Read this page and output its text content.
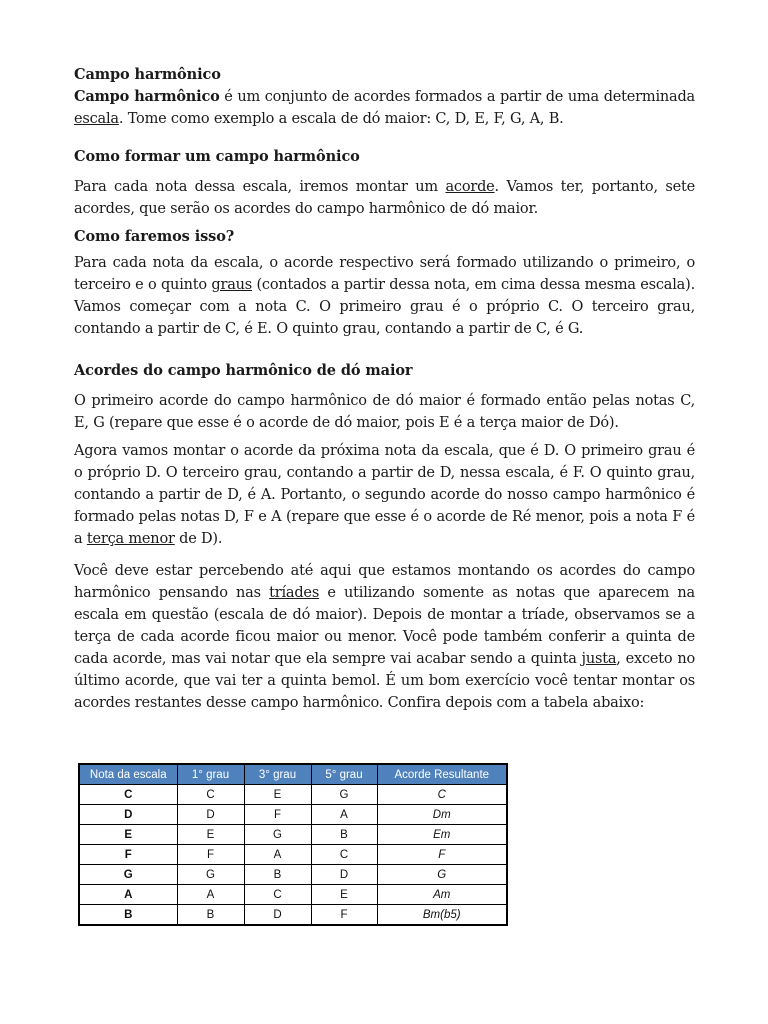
Campo harmônico

Campo harmônico é um conjunto de acordes formados a partir de uma determinada escala. Tome como exemplo a escala de dó maior: C, D, E, F, G, A, B.

Como formar um campo harmônico

Para cada nota dessa escala, iremos montar um acorde. Vamos ter, portanto, sete acordes, que serão os acordes do campo harmônico de dó maior.

Como faremos isso?

Para cada nota da escala, o acorde respectivo será formado utilizando o primeiro, o terceiro e o quinto graus (contados a partir dessa nota, em cima dessa mesma escala). Vamos começar com a nota C. O primeiro grau é o próprio C. O terceiro grau, contando a partir de C, é E. O quinto grau, contando a partir de C, é G.

Acordes do campo harmônico de dó maior

O primeiro acorde do campo harmônico de dó maior é formado então pelas notas C, E, G (repare que esse é o acorde de dó maior, pois E é a terça maior de Dó).

Agora vamos montar o acorde da próxima nota da escala, que é D. O primeiro grau é o próprio D. O terceiro grau, contando a partir de D, nessa escala, é F. O quinto grau, contando a partir de D, é A. Portanto, o segundo acorde do nosso campo harmônico é formado pelas notas D, F e A (repare que esse é o acorde de Ré menor, pois a nota F é a terça menor de D).

Você deve estar percebendo até aqui que estamos montando os acordes do campo harmônico pensando nas tríades e utilizando somente as notas que aparecem na escala em questão (escala de dó maior). Depois de montar a tríade, observamos se a terça de cada acorde ficou maior ou menor. Você pode também conferir a quinta de cada acorde, mas vai notar que ela sempre vai acabar sendo a quinta justa, exceto no último acorde, que vai ter a quinta bemol. É um bom exercício você tentar montar os acordes restantes desse campo harmônico. Confira depois com a tabela abaixo:

Nota da escala	1° grau	3° grau	5° grau	Acorde Resultante
C	C	E	G	C
D	D	F	A	Dm
E	E	G	B	Em
F	F	A	C	F
G	G	B	D	G
A	A	C	E	Am
B	B	D	F	Bm(b5)
